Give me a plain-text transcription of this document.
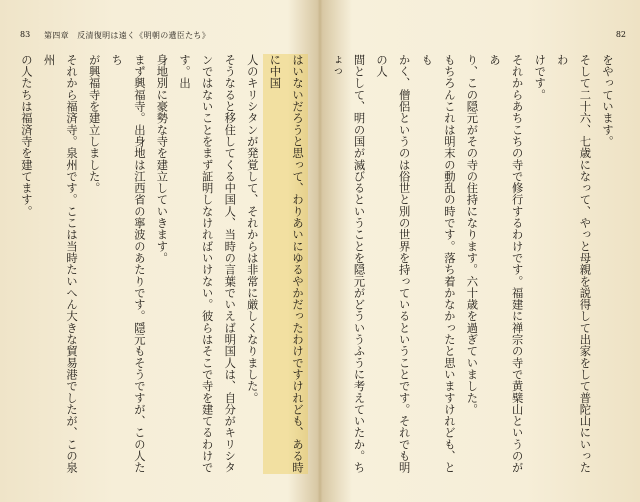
82

をやっています。

そして二十六、七歳になって、やっと母親を説得して出家をして普陀山にいったわ

けです。

それからあちこちの寺で修行するわけです。福建に禅宗の寺で黄檗山というのがあ

り、この隠元がその寺の住持になります。六十歳を過ぎていました。

もちろんこれは明末の動乱の時です。落ち着かなかったと思いますけれども、とも

かく、僧侶というのは俗世と別の世界を持っているということです。それでも明の人

間として、明の国が滅びるということを隠元がどういうふうに考えていたか。ちょっ

83 第四章　反清復明は遠く《明朝の遺臣たち》

はいないだろうと思って、わりあいにゆるやかだったわけですけれども、ある時に中国

人のキリシタンが発覚して、それからは非常に厳しくなりました。

そうなると移住してくる中国人、当時の言葉でいえば明国人は、自分がキリシタ

ンではないことをまず証明しなければいけない。彼らはそこで寺を建てるわけです。出

身地別に豪勢な寺を建立していきます。

まず興福寺。出身地は江西省の寧波のあたりです。隠元もそうですが、この人たち

が興福寺を建立しました。

それから福済寺。泉州です。ここは当時たいへん大きな貿易港でしたが、この泉州

の人たちは福済寺を建てます。
